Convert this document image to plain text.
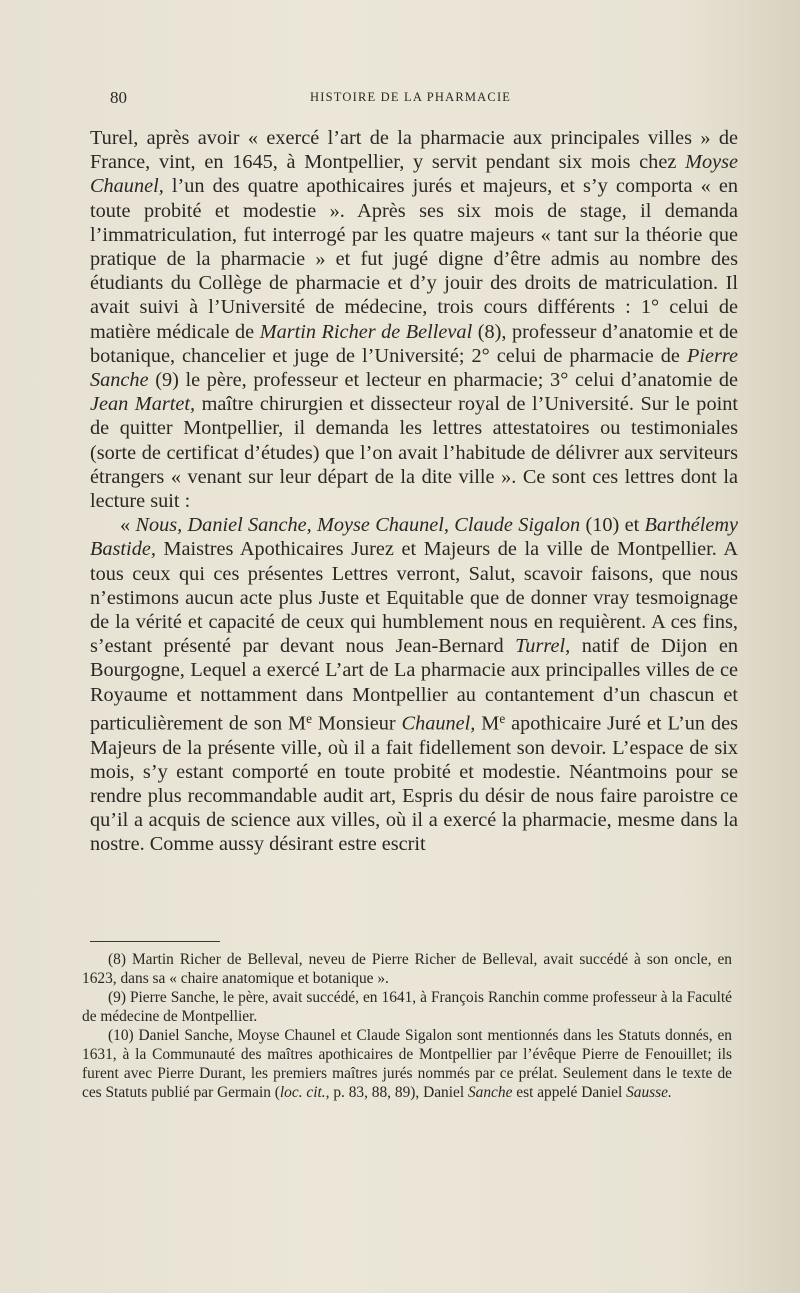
80	HISTOIRE DE LA PHARMACIE

Turel, après avoir « exercé l’art de la pharmacie aux principales villes » de France, vint, en 1645, à Montpellier, y servit pendant six mois chez Moyse Chaunel, l’un des quatre apothicaires jurés et majeurs, et s’y comporta « en toute probité et modestie ». Après ses six mois de stage, il demanda l’immatriculation, fut interrogé par les quatre majeurs « tant sur la théorie que pratique de la pharmacie » et fut jugé digne d’être admis au nombre des étudiants du Collège de pharmacie et d’y jouir des droits de matriculation. Il avait suivi à l’Université de médecine, trois cours différents : 1° celui de matière médicale de Martin Richer de Belleval (8), professeur d’anatomie et de botanique, chancelier et juge de l’Université; 2° celui de pharmacie de Pierre Sanche (9) le père, professeur et lecteur en pharmacie; 3° celui d’anatomie de Jean Martet, maître chirurgien et dissecteur royal de l’Université. Sur le point de quitter Montpellier, il demanda les lettres attestatoires ou testimoniales (sorte de certificat d’études) que l’on avait l’habitude de délivrer aux serviteurs étrangers « venant sur leur départ de la dite ville ». Ce sont ces lettres dont la lecture suit :

« Nous, Daniel Sanche, Moyse Chaunel, Claude Sigalon (10) et Barthélemy Bastide, Maistres Apothicaires Jurez et Majeurs de la ville de Montpellier. A tous ceux qui ces présentes Lettres verront, Salut, scavoir faisons, que nous n’estimons aucun acte plus Juste et Equitable que de donner vray tesmoignage de la vérité et capacité de ceux qui humblement nous en requièrent. A ces fins, s’estant présenté par devant nous Jean-Bernard Turrel, natif de Dijon en Bourgogne, Lequel a exercé L’art de La pharmacie aux principalles villes de ce Royaume et nottamment dans Montpellier au contantement d’un chascun et particulièrement de son Me Monsieur Chaunel, Me apothicaire Juré et L’un des Majeurs de la présente ville, où il a fait fidellement son devoir. L’espace de six mois, s’y estant comporté en toute probité et modestie. Néantmoins pour se rendre plus recommandable audit art, Espris du désir de nous faire paroistre ce qu’il a acquis de science aux villes, où il a exercé la pharmacie, mesme dans la nostre. Comme aussy désirant estre escrit

(8) Martin Richer de Belleval, neveu de Pierre Richer de Belleval, avait succédé à son oncle, en 1623, dans sa « chaire anatomique et botanique ».

(9) Pierre Sanche, le père, avait succédé, en 1641, à François Ranchin comme professeur à la Faculté de médecine de Montpellier.

(10) Daniel Sanche, Moyse Chaunel et Claude Sigalon sont mentionnés dans les Statuts donnés, en 1631, à la Communauté des maîtres apothicaires de Montpellier par l’évêque Pierre de Fenouillet; ils furent avec Pierre Durant, les premiers maîtres jurés nommés par ce prélat. Seulement dans le texte de ces Statuts publié par Germain (loc. cit., p. 83, 88, 89), Daniel Sanche est appelé Daniel Sausse.
